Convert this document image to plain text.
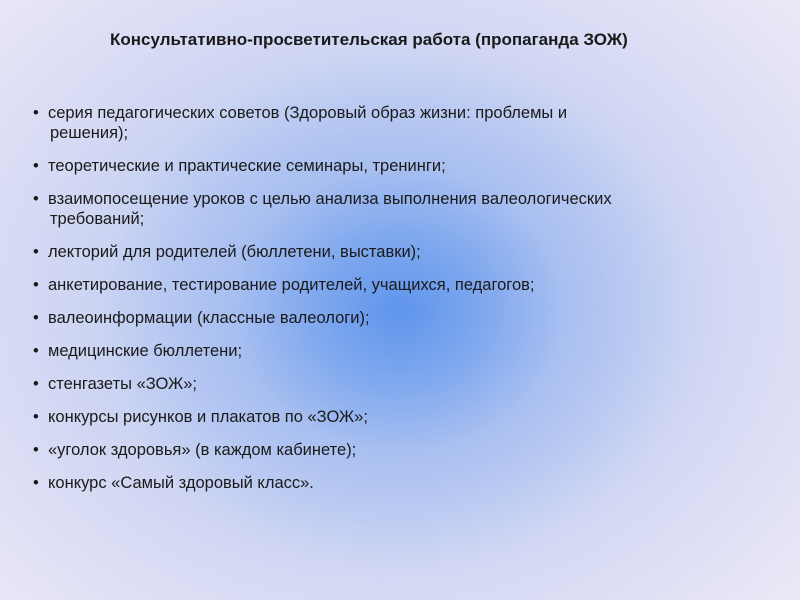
Консультативно-просветительская работа (пропаганда ЗОЖ)
• серия педагогических советов (Здоровый образ жизни: проблемы и
решения);
• теоретические и практические семинары, тренинги;
• взаимопосещение уроков с целью анализа выполнения валеологических
требований;
• лекторий для родителей (бюллетени, выставки);
• анкетирование, тестирование родителей, учащихся, педагогов;
• валеоинформации (классные валеологи);
• медицинские бюллетени;
• стенгазеты «ЗОЖ»;
• конкурсы рисунков и плакатов по «ЗОЖ»;
• «уголок здоровья» (в каждом кабинете);
• конкурс «Самый здоровый класс».
